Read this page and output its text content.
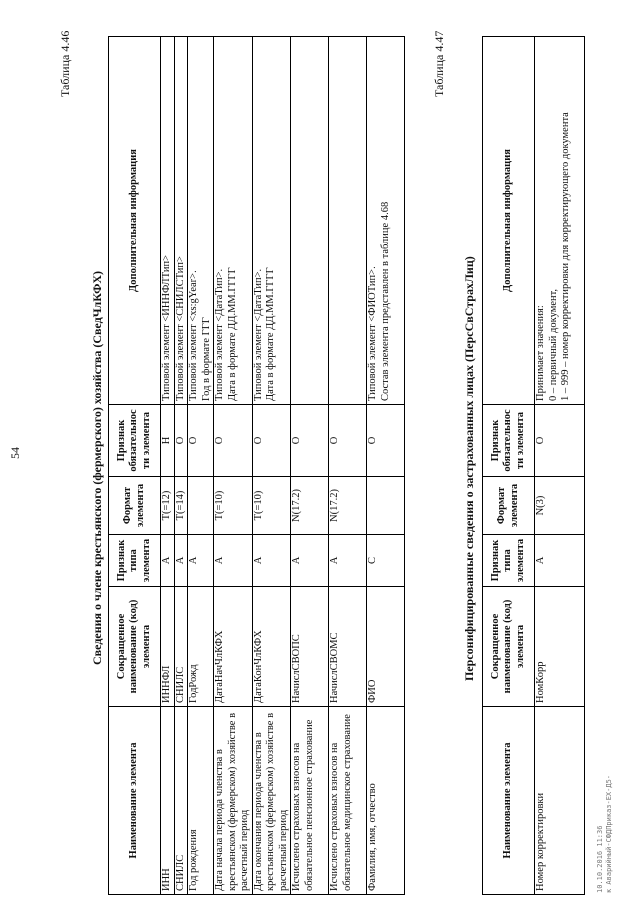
54
Таблица 4.46
Сведения о члене крестьянского (фермерского) хозяйства (СведЧлКФХ)
Наименование элемента	Сокращенное наименование (код) элемента	Признак типа элемента	Формат элемента	Признак обязательности элемента	Дополнительная информация
ИНН	ИННФЛ	А	T(=12)	Н	Типовой элемент <ИННФЛТип>
СНИЛС	СНИЛС	А	T(=14)	О	Типовой элемент <СНИЛСТип>
Год рождения	ГодРожд	А		О	Типовой элемент <xs:gYear>. Год в формате ГГГ
Дата начала периода членства в крестьянском (фермерском) хозяйстве в расчетный период	ДатаНачЧлКФХ	А	T(=10)	О	Типовой элемент <ДатаТип>. Дата в формате ДД.ММ.ГГГГ
Дата окончания периода членства в крестьянском (фермерском) хозяйстве в расчетный период	ДатаКонЧлКФХ	А	T(=10)	О	Типовой элемент <ДатаТип>. Дата в формате ДД.ММ.ГГГГ
Исчислено страховых взносов на обязательное пенсионное страхование	НачислСВОПС	А	N(17.2)	О	
Исчислено страховых взносов на обязательное медицинское страхование	НачислСВОМС	А	N(17.2)	О	
Фамилия, имя, отчество	ФИО	С		О	Типовой элемент <ФИОТип>. Состав элемента представлен в таблице 4.68
Таблица 4.47
Персонифицированные сведения о застрахованных лицах (ПерсСвСтрахЛиц)
Наименование элемента	Сокращенное наименование (код) элемента	Признак типа элемента	Формат элемента	Признак обязательности элемента	Дополнительная информация
Номер корректировки	НомКорр	А	N(3)	О	Принимает значения: 0 – первичный документ, 1 – 999 – номер корректировки для корректирующего документа
10.10.2016 11:36 к Аварийный-СФДПриказ-ЕХ-Д5-
